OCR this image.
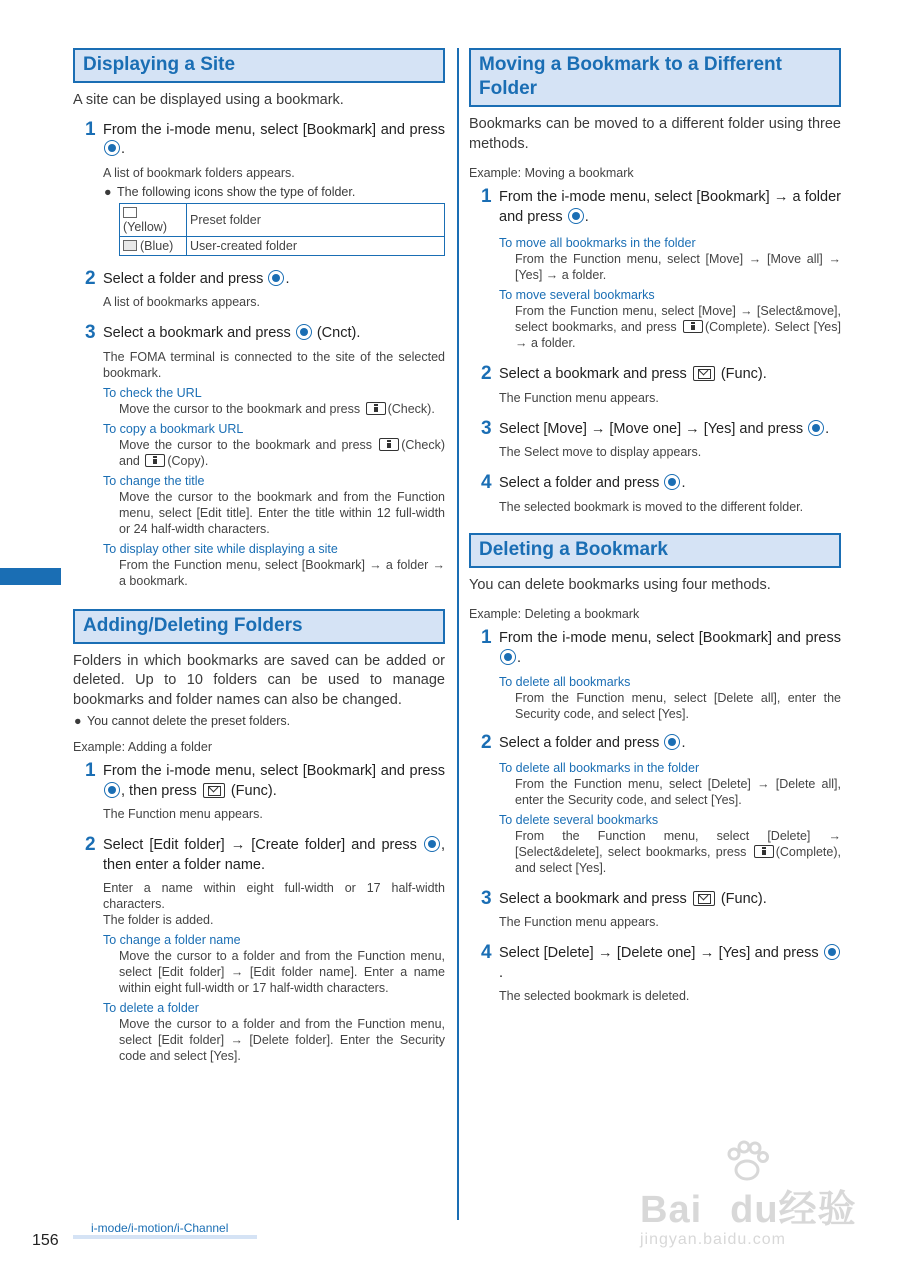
Displaying a Site
A site can be displayed using a bookmark.
1 From the i-mode menu, select [Bookmark] and press .
A list of bookmark folders appears.
● The following icons show the type of folder.
(Yellow)	Preset folder
(Blue)	User-created folder
2 Select a folder and press .
A list of bookmarks appears.
3 Select a bookmark and press  (Cnct).
The FOMA terminal is connected to the site of the selected bookmark.
To check the URL
Move the cursor to the bookmark and press (Check).
To copy a bookmark URL
Move the cursor to the bookmark and press (Check) and (Copy).
To change the title
Move the cursor to the bookmark and from the Function menu, select [Edit title]. Enter the title within 12 full-width or 24 half-width characters.
To display other site while displaying a site
From the Function menu, select [Bookmark] → a folder → a bookmark.
Adding/Deleting Folders
Folders in which bookmarks are saved can be added or deleted. Up to 10 folders can be used to manage bookmarks and folder names can also be changed.
● You cannot delete the preset folders.
Example: Adding a folder
1 From the i-mode menu, select [Bookmark] and press , then press  (Func).
The Function menu appears.
2 Select [Edit folder] → [Create folder] and press , then enter a folder name.
Enter a name within eight full-width or 17 half-width characters.
The folder is added.
To change a folder name
Move the cursor to a folder and from the Function menu, select [Edit folder] → [Edit folder name]. Enter a name within eight full-width or 17 half-width characters.
To delete a folder
Move the cursor to a folder and from the Function menu, select [Edit folder] → [Delete folder]. Enter the Security code and select [Yes].
Moving a Bookmark to a Different Folder
Bookmarks can be moved to a different folder using three methods.
Example: Moving a bookmark
1 From the i-mode menu, select [Bookmark] → a folder and press .
To move all bookmarks in the folder
From the Function menu, select [Move] → [Move all] → [Yes] → a folder.
To move several bookmarks
From the Function menu, select [Move] → [Select&move], select bookmarks, and press (Complete). Select [Yes] → a folder.
2 Select a bookmark and press  (Func).
The Function menu appears.
3 Select [Move] → [Move one] → [Yes] and press .
The Select move to display appears.
4 Select a folder and press .
The selected bookmark is moved to the different folder.
Deleting a Bookmark
You can delete bookmarks using four methods.
Example: Deleting a bookmark
1 From the i-mode menu, select [Bookmark] and press .
To delete all bookmarks
From the Function menu, select [Delete all], enter the Security code, and select [Yes].
2 Select a folder and press .
To delete all bookmarks in the folder
From the Function menu, select [Delete] → [Delete all], enter the Security code, and select [Yes].
To delete several bookmarks
From the Function menu, select [Delete] → [Select&delete], select bookmarks, press (Complete), and select [Yes].
3 Select a bookmark and press  (Func).
The Function menu appears.
4 Select [Delete] → [Delete one] → [Yes] and press .
The selected bookmark is deleted.
Bai du经验
jingyan.baidu.com
i-mode/i-motion/i-Channel
156
